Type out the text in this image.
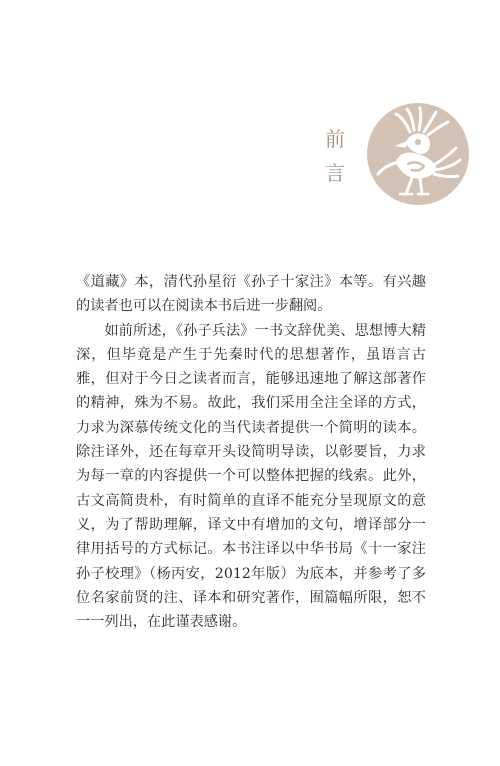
前
言

《道藏》本，清代孙星衍《孙子十家注》本等。有兴趣的读者也可以在阅读本书后进一步翻阅。

如前所述，《孙子兵法》一书文辞优美、思想博大精深，但毕竟是产生于先秦时代的思想著作，虽语言古雅，但对于今日之读者而言，能够迅速地了解这部著作的精神，殊为不易。故此，我们采用全注全译的方式，力求为深慕传统文化的当代读者提供一个简明的读本。除注译外，还在每章开头设简明导读，以彰要旨，力求为每一章的内容提供一个可以整体把握的线索。此外，古文高简贵朴，有时简单的直译不能充分呈现原文的意义，为了帮助理解，译文中有增加的文句，增译部分一律用括号的方式标记。本书注译以中华书局《十一家注孙子校理》（杨丙安，2012年版）为底本，并参考了多位名家前贤的注、译本和研究著作，囿篇幅所限，恕不一一列出，在此谨表感谢。
